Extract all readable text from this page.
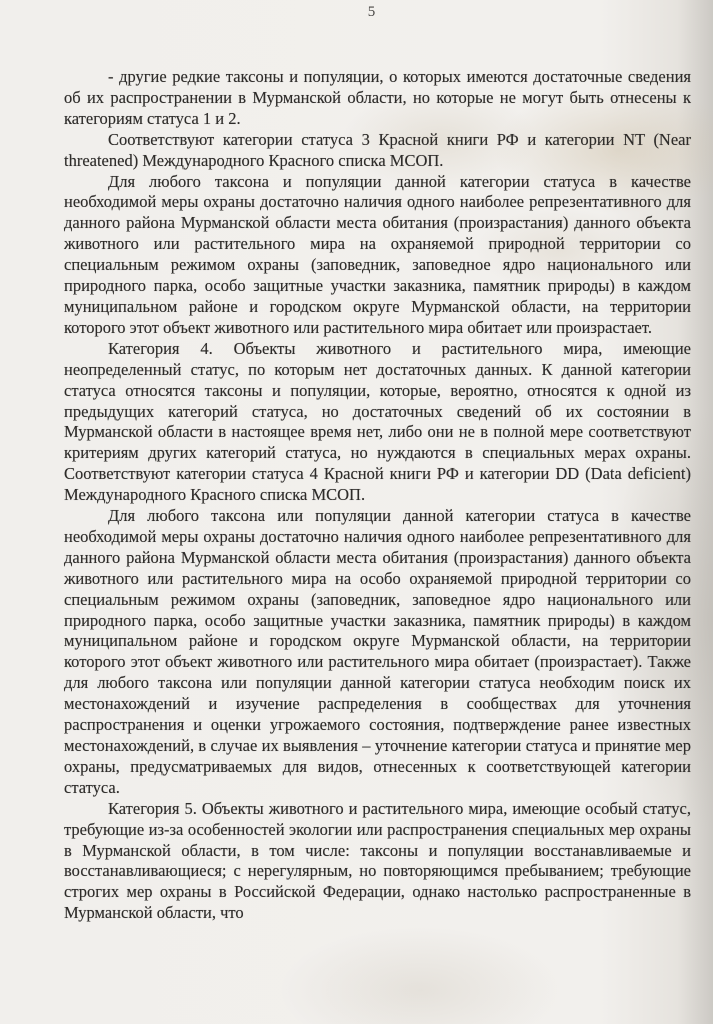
5

- другие редкие таксоны и популяции, о которых имеются достаточные сведения об их распространении в Мурманской области, но которые не могут быть отнесены к категориям статуса 1 и 2.

Соответствуют категории статуса 3 Красной книги РФ и категории NT (Near threatened) Международного Красного списка МСОП.

Для любого таксона и популяции данной категории статуса в качестве необходимой меры охраны достаточно наличия одного наиболее репрезентативного для данного района Мурманской области места обитания (произрастания) данного объекта животного или растительного мира на охраняемой природной территории со специальным режимом охраны (заповедник, заповедное ядро национального или природного парка, особо защитные участки заказника, памятник природы) в каждом муниципальном районе и городском округе Мурманской области, на территории которого этот объект животного или растительного мира обитает или произрастает.

Категория 4. Объекты животного и растительного мира, имеющие неопределенный статус, по которым нет достаточных данных. К данной категории статуса относятся таксоны и популяции, которые, вероятно, относятся к одной из предыдущих категорий статуса, но достаточных сведений об их состоянии в Мурманской области в настоящее время нет, либо они не в полной мере соответствуют критериям других категорий статуса, но нуждаются в специальных мерах охраны. Соответствуют категории статуса 4 Красной книги РФ и категории DD (Data deficient) Международного Красного списка МСОП.

Для любого таксона или популяции данной категории статуса в качестве необходимой меры охраны достаточно наличия одного наиболее репрезентативного для данного района Мурманской области места обитания (произрастания) данного объекта животного или растительного мира на особо охраняемой природной территории со специальным режимом охраны (заповедник, заповедное ядро национального или природного парка, особо защитные участки заказника, памятник природы) в каждом муниципальном районе и городском округе Мурманской области, на территории которого этот объект животного или растительного мира обитает (произрастает). Также для любого таксона или популяции данной категории статуса необходим поиск их местонахождений и изучение распределения в сообществах для уточнения распространения и оценки угрожаемого состояния, подтверждение ранее известных местонахождений, в случае их выявления – уточнение категории статуса и принятие мер охраны, предусматриваемых для видов, отнесенных к соответствующей категории статуса.

Категория 5. Объекты животного и растительного мира, имеющие особый статус, требующие из-за особенностей экологии или распространения специальных мер охраны в Мурманской области, в том числе: таксоны и популяции восстанавливаемые и восстанавливающиеся; с нерегулярным, но повторяющимся пребыванием; требующие строгих мер охраны в Российской Федерации, однако настолько распространенные в Мурманской области, что
